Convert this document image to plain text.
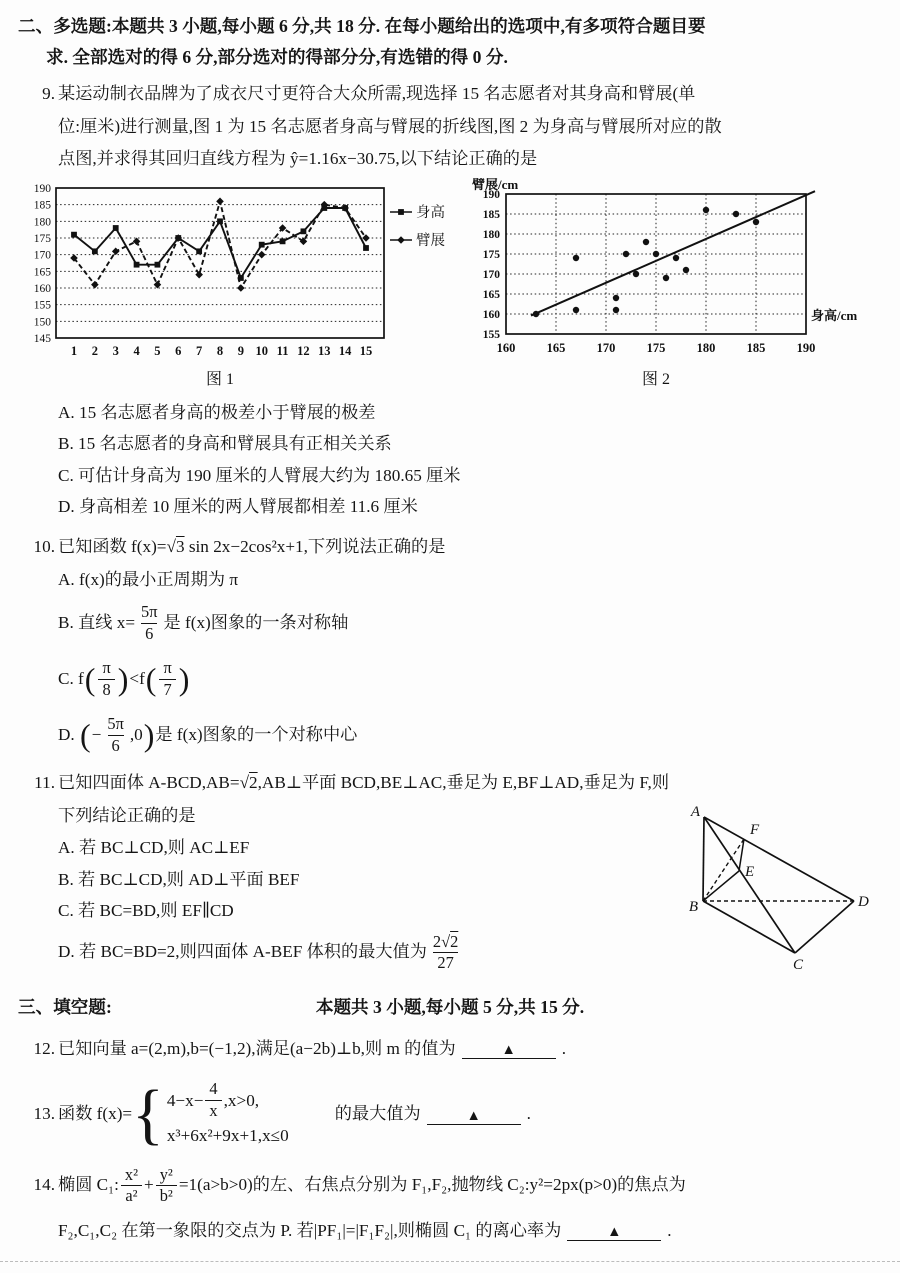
二、多选题:本题共 3 小题,每小题 6 分,共 18 分. 在每小题给出的选项中,有多项符合题目要
求. 全部选对的得 6 分,部分选对的得部分分,有选错的得 0 分.
9. 某运动制衣品牌为了成衣尺寸更符合大众所需,现选择 15 名志愿者对其身高和臂展(单
位:厘米)进行测量,图 1 为 15 名志愿者身高与臂展的折线图,图 2 为身高与臂展所对应的散
点图,并求得其回归直线方程为 ŷ=1.16x−30.75,以下结论正确的是
145
150
155
160
165
170
175
180
185
190
1 2 3 4 5 6 7 8 9 10 11 12 13 14 15
身高
臂展
图 1
155
160
165
170
175
180
185
190
160	165	170	175	180	185	190
臂展/cm
身高/cm
图 2
A. 15 名志愿者身高的极差小于臂展的极差
B. 15 名志愿者的身高和臂展具有正相关关系
C. 可估计身高为 190 厘米的人臂展大约为 180.65 厘米
D. 身高相差 10 厘米的两人臂展都相差 11.6 厘米
10. 已知函数 f(x)=√3 sin 2x−2cos²x+1,下列说法正确的是
A. f(x)的最小正周期为 π
B. 直线 $x= \frac{5\pi}{6}$ 是 f(x)图象的一条对称轴
C. f ( $\frac{\pi}{8}$ ) <f ( $\frac{\pi}{7}$ )
D. ( − $\frac{5\pi}{6} ,0$ ) 是 f(x)图象的一个对称中心
11. 已知四面体 A-BCD,AB=√2,AB⊥平面 BCD,BE⊥AC,垂足为 E,BF⊥AD,垂足为 F,则
下列结论正确的是
A. 若 BC⊥CD,则 AC⊥EF
B. 若 BC⊥CD,则 AD⊥平面 BEF
C. 若 BC=BD,则 EF∥CD
D. 若 BC=BD=2,则四面体 A-BEF 体积的最大值为 $\frac{2√ 2}{27}$
A
F
E
B	D
C
三、填空题:	本题共 3 小题,每小题 5 分,共 15 分.
12. 已知向量 a=(2,m),b=(−1,2),满足(a−2b)⊥b,则 m 的值为	▲	.
13. 函数 f(x)= { $4-x- \frac{4}{x} ,x>0$,
x³+6x²+9x+1,x≤0
的最大值为	▲	.
14. 椭圆 C₁: $\frac{\text{x²}}{\text{a²}} + \frac{\text{y²}}{\text{b²}} =1(a>b>0)$的左、右焦点分别为 F₁,F₂,抛物线 C₂:y²=2px(p>0)的焦点为
F₂,C₁,C₂ 在第一象限的交点为 P. 若|PF₁|=|F₁F₂|,则椭圆 C₁ 的离心率为	▲	.
